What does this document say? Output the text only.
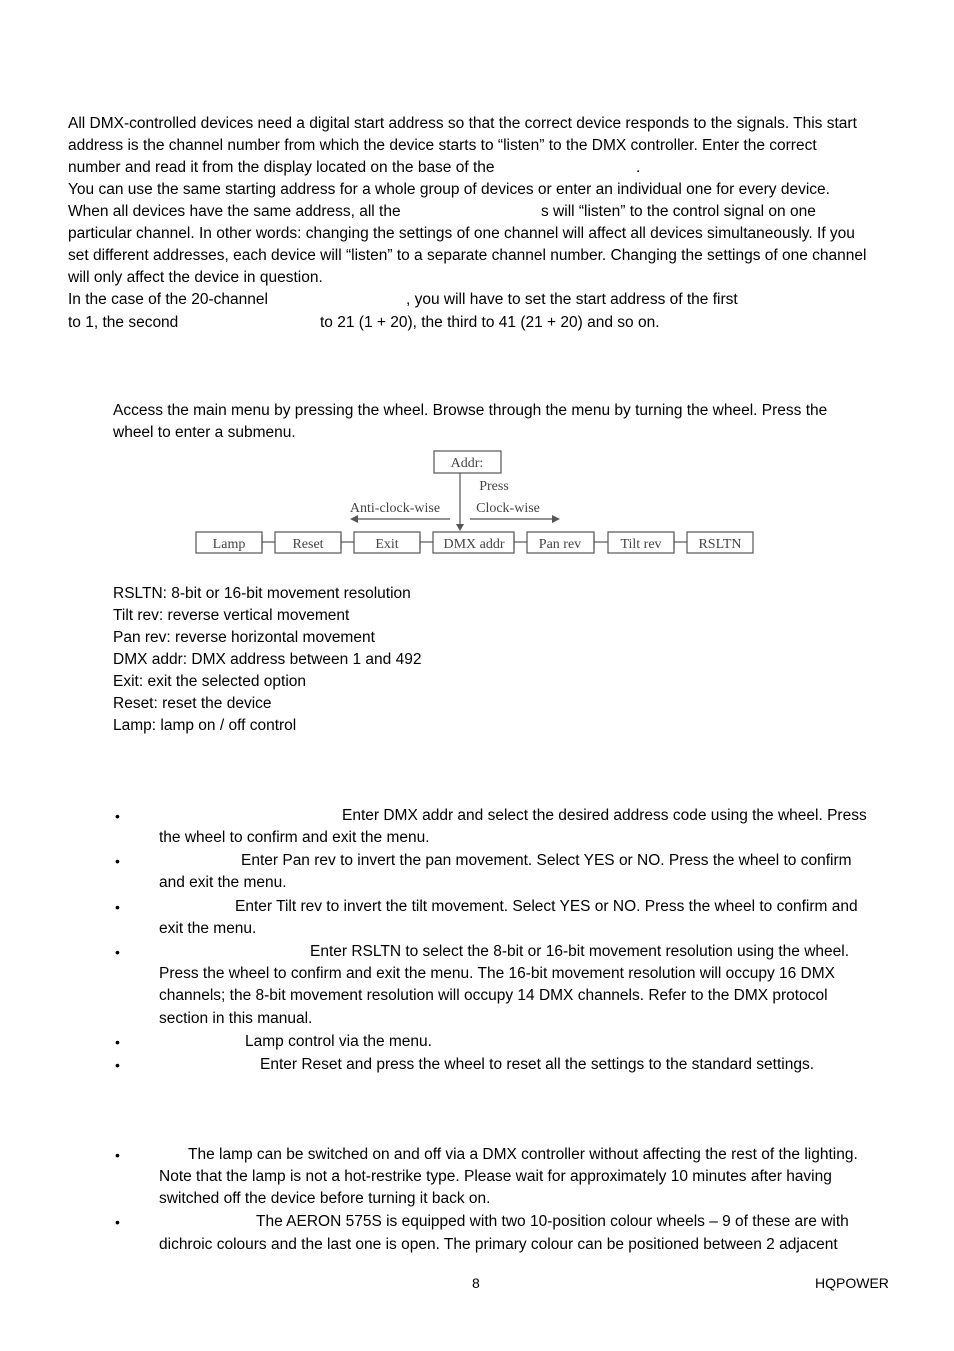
All DMX-controlled devices need a digital start address so that the correct device responds to the signals. This start
address is the channel number from which the device starts to “listen” to the DMX controller. Enter the correct
number and read it from the display located on the base of the	.
You can use the same starting address for a whole group of devices or enter an individual one for every device.
When all devices have the same address, all the	s will “listen” to the control signal on one
particular channel. In other words: changing the settings of one channel will affect all devices simultaneously. If you
set different addresses, each device will “listen” to a separate channel number. Changing the settings of one channel
will only affect the device in question.
In the case of the 20-channel	, you will have to set the start address of the first
to 1, the second	to 21 (1 + 20), the third to 41 (21 + 20) and so on.
Access the main menu by pressing the wheel. Browse through the menu by turning the wheel. Press the
wheel to enter a submenu.
Addr:
Press
Anti-clock-wise	Clock-wise
Lamp	Reset	Exit	DMX addr Pan rev	Tilt rev	RSLTN
RSLTN: 8-bit or 16-bit movement resolution
Tilt rev: reverse vertical movement
Pan rev: reverse horizontal movement
DMX addr: DMX address between 1 and 492
Exit: exit the selected option
Reset: reset the device
Lamp: lamp on / off control
•	Enter DMX addr and select the desired address code using the wheel. Press
the wheel to confirm and exit the menu.
•	Enter Pan rev to invert the pan movement. Select YES or NO. Press the wheel to confirm
and exit the menu.
•	Enter Tilt rev to invert the tilt movement. Select YES or NO. Press the wheel to confirm and
exit the menu.
•	Enter RSLTN to select the 8-bit or 16-bit movement resolution using the wheel.
Press the wheel to confirm and exit the menu. The 16-bit movement resolution will occupy 16 DMX
channels; the 8-bit movement resolution will occupy 14 DMX channels. Refer to the DMX protocol
section in this manual.
•	Lamp control via the menu.
•	Enter Reset and press the wheel to reset all the settings to the standard settings.
•	The lamp can be switched on and off via a DMX controller without affecting the rest of the lighting.
Note that the lamp is not a hot-restrike type. Please wait for approximately 10 minutes after having
switched off the device before turning it back on.
•	The AERON 575S is equipped with two 10-position colour wheels – 9 of these are with
dichroic colours and the last one is open. The primary colour can be positioned between 2 adjacent
8	HQPOWER
